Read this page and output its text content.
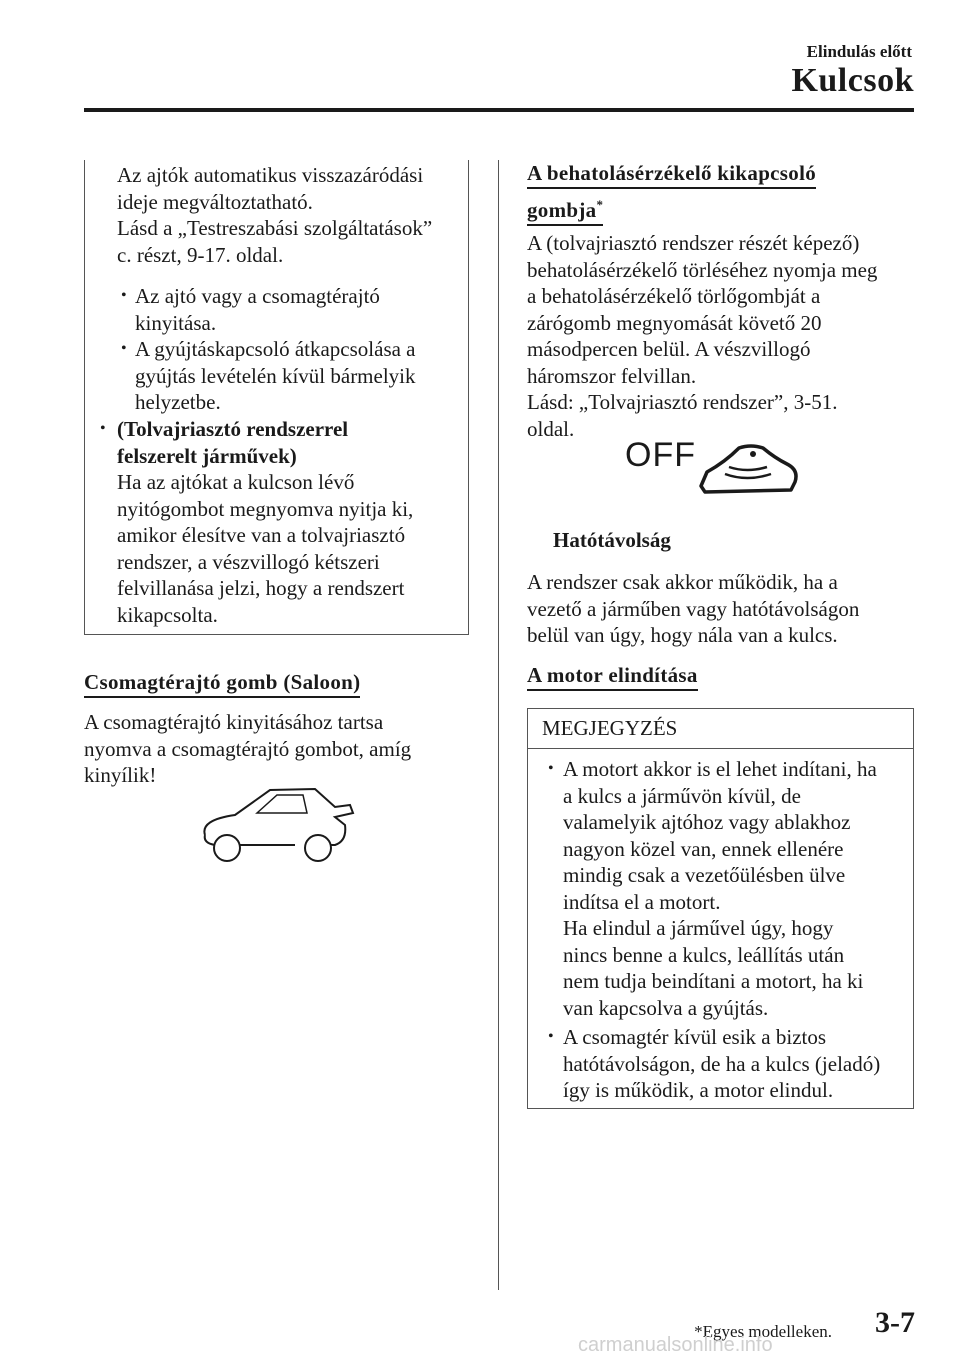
Elindulás előtt
Kulcsok
Az ajtók automatikus visszazáródási
ideje megváltoztatható.
Lásd a „Testreszabási szolgáltatások”
c. részt, 9-17. oldal.
• Az ajtó vagy a csomagtérajtó
kinyitása.
• A gyújtáskapcsoló átkapcsolása a
gyújtás levételén kívül bármelyik
helyzetbe.
• (Tolvajriasztó rendszerrel
felszerelt járművek)
Ha az ajtókat a kulcson lévő
nyitógombot megnyomva nyitja ki,
amikor élesítve van a tolvajriasztó
rendszer, a vészvillogó kétszeri
felvillanása jelzi, hogy a rendszert
kikapcsolta.
Csomagtérajtó gomb (Saloon)
A csomagtérajtó kinyitásához tartsa
nyomva a csomagtérajtó gombot, amíg
kinyílik!
A behatolásérzékelő kikapcsoló
gombja*
A (tolvajriasztó rendszer részét képező)
behatolásérzékelő törléséhez nyomja meg
a behatolásérzékelő törlőgombját a
zárógomb megnyomását követő 20
másodpercen belül. A vészvillogó
háromszor felvillan.
Lásd: „Tolvajriasztó rendszer”, 3-51.
oldal.
OFF
Hatótávolság
A rendszer csak akkor működik, ha a
vezető a járműben vagy hatótávolságon
belül van úgy, hogy nála van a kulcs.
A motor elindítása
MEGJEGYZÉS
• A motort akkor is el lehet indítani, ha
a kulcs a járművön kívül, de
valamelyik ajtóhoz vagy ablakhoz
nagyon közel van, ennek ellenére
mindig csak a vezetőülésben ülve
indítsa el a motort.
Ha elindul a járművel úgy, hogy
nincs benne a kulcs, leállítás után
nem tudja beindítani a motort, ha ki
van kapcsolva a gyújtás.
• A csomagtér kívül esik a biztos
hatótávolságon, de ha a kulcs (jeladó)
így is működik, a motor elindul.
*Egyes modelleken. 3-7
carmanualsonline.info
